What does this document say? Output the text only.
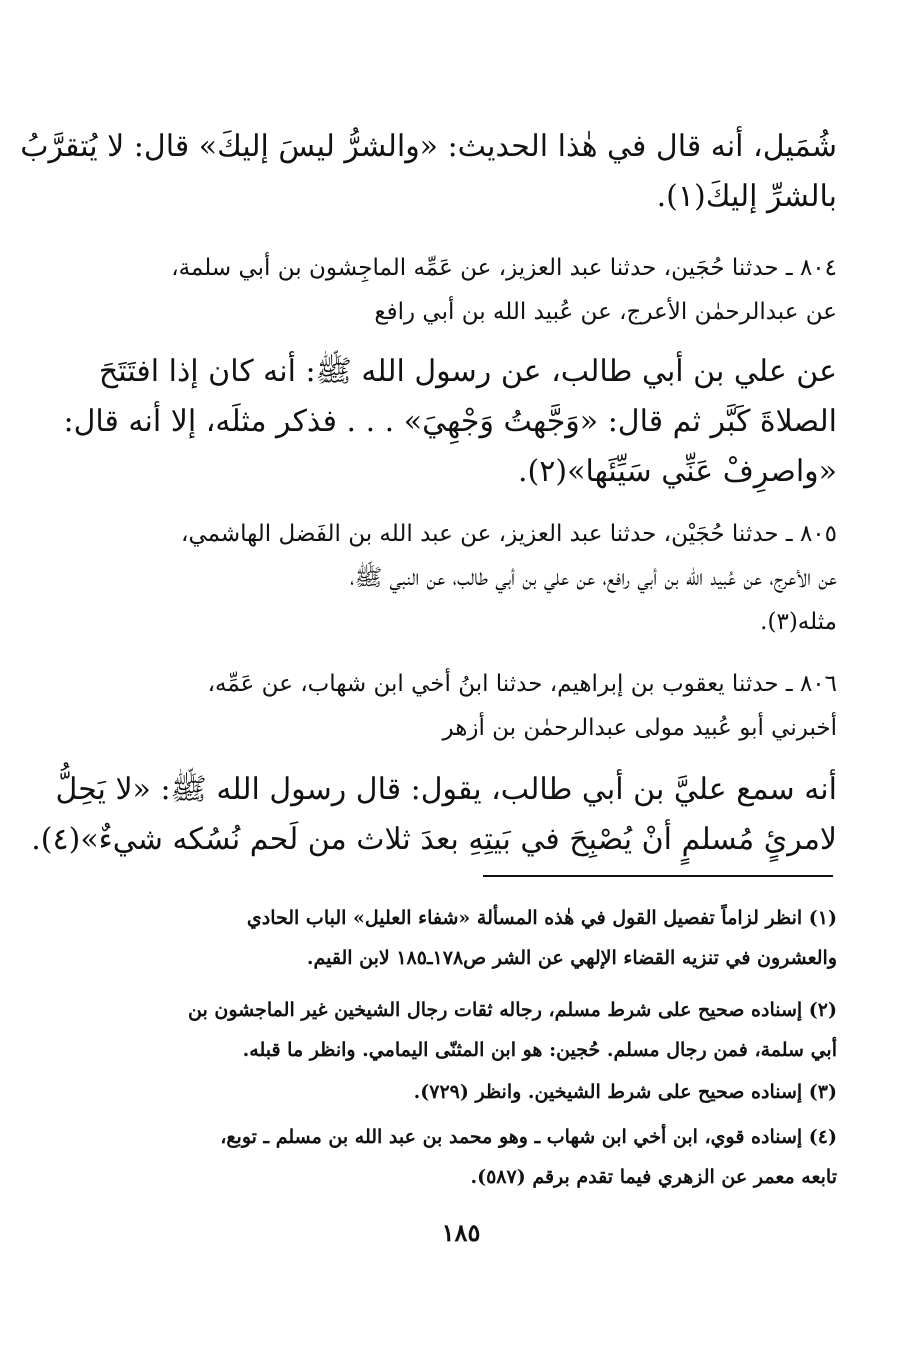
شُمَيل، أنه قال في هٰذا الحديث: «والشرُّ ليسَ إليكَ» قال: لا يُتقرَّبُ
بالشرِّ إليكَ(١).
٨٠٤ ـ حدثنا حُجَين، حدثنا عبد العزيز، عن عَمِّه الماجِشون بن أبي سلمة،
عن عبدالرحمٰن الأعرج، عن عُبيد الله بن أبي رافع
عن علي بن أبي طالب، عن رسول الله ﷺ: أنه كان إذا افتَتَحَ
الصلاةَ كَبَّر ثم قال: «وَجَّهتُ وَجْهِيَ» . . . فذكر مثلَه، إلا أنه قال:
«واصرِفْ عَنِّي سَيِّئَها»(٢).
٨٠٥ ـ حدثنا حُجَيْن، حدثنا عبد العزيز، عن عبد الله بن الفَضل الهاشمي،
عن الأعرج، عن عُبيد الله بن أبي رافع، عن علي بن أبي طالب، عن النبي ﷺ،
مثله(٣).
٨٠٦ ـ حدثنا يعقوب بن إبراهيم، حدثنا ابنُ أخي ابن شهاب، عن عَمِّه،
أخبرني أبو عُبيد مولى عبدالرحمٰن بن أزهر
أنه سمع عليَّ بن أبي طالب، يقول: قال رسول الله ﷺ: «لا يَحِلُّ
لامرئٍ مُسلمٍ أنْ يُصْبِحَ في بَيتِهِ بعدَ ثلاث من لَحم نُسُكه شيءٌ»(٤).
(١) انظر لزاماً تفصيل القول في هٰذه المسألة «شفاء العليل» الباب الحادي
والعشرون في تنزيه القضاء الإلهي عن الشر ص١٧٨ـ١٨٥ لابن القيم.
(٢) إسناده صحيح على شرط مسلم، رجاله ثقات رجال الشيخين غير الماجشون بن
أبي سلمة، فمن رجال مسلم. حُجين: هو ابن المثنّى اليمامي. وانظر ما قبله.
(٣) إسناده صحيح على شرط الشيخين. وانظر (٧٢٩).
(٤) إسناده قوي، ابن أخي ابن شهاب ـ وهو محمد بن عبد الله بن مسلم ـ توبع،
تابعه معمر عن الزهري فيما تقدم برقم (٥٨٧).
١٨٥
